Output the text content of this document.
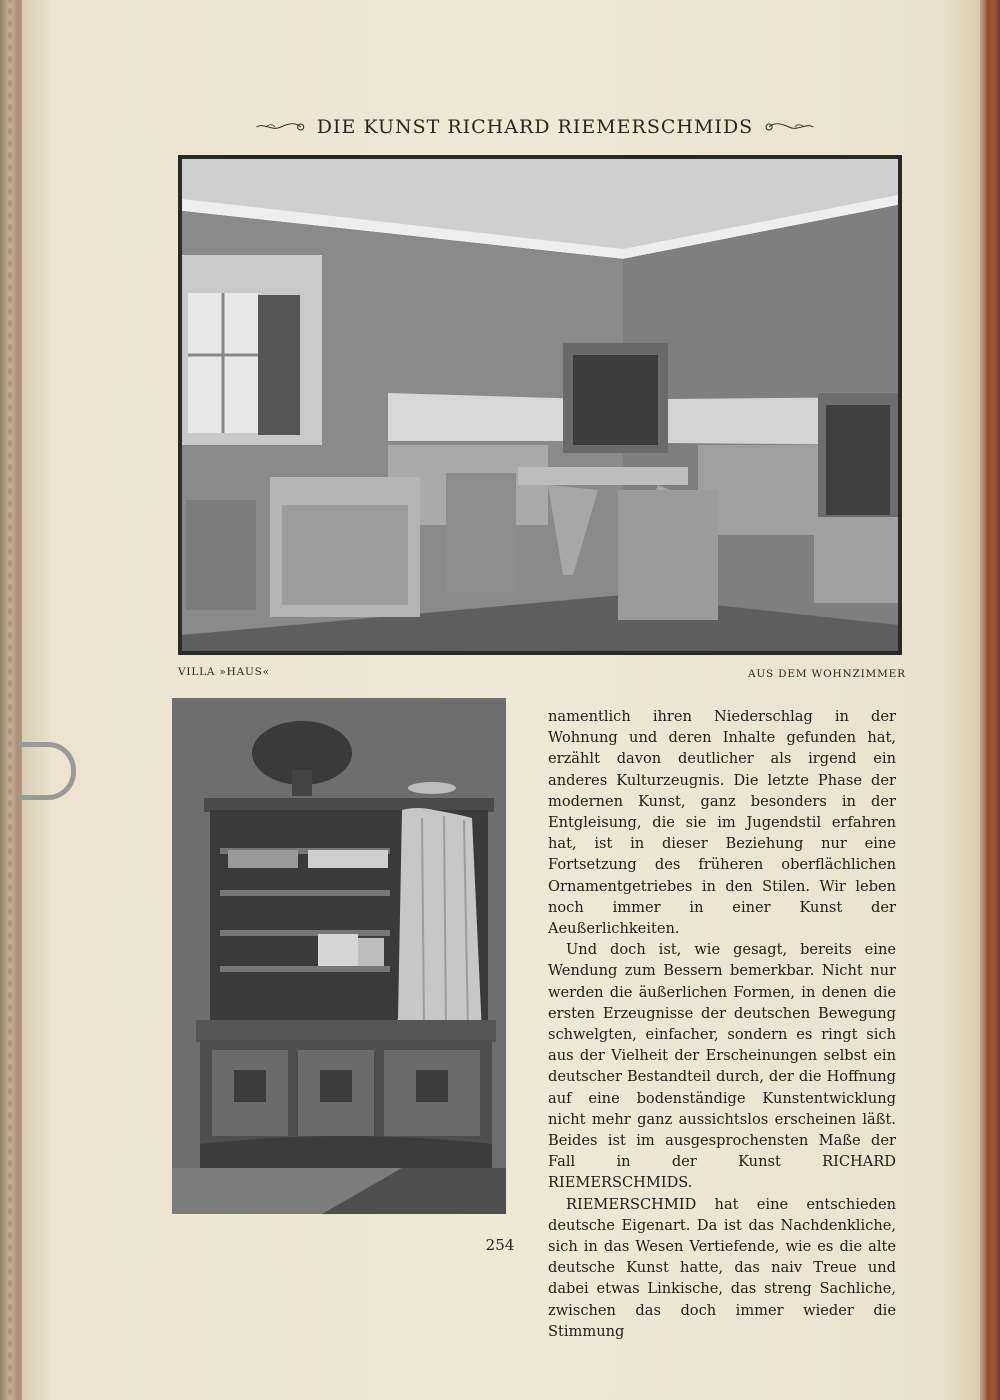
DIE KUNST RICHARD RIEMERSCHMIDS
VILLA »HAUS«	AUS DEM WOHNZIMMER

namentlich ihren Niederschlag in der Wohnung und deren Inhalte gefunden hat, erzählt davon deutlicher als irgend ein anderes Kulturzeugnis. Die letzte Phase der modernen Kunst, ganz besonders in der Entgleisung, die sie im Jugendstil erfahren hat, ist in dieser Beziehung nur eine Fortsetzung des früheren oberflächlichen Ornamentgetriebes in den Stilen. Wir leben noch immer in einer Kunst der Aeußerlichkeiten.

Und doch ist, wie gesagt, bereits eine Wendung zum Bessern bemerkbar. Nicht nur werden die äußerlichen Formen, in denen die ersten Erzeugnisse der deutschen Bewegung schwelgten, einfacher, sondern es ringt sich aus der Vielheit der Erscheinungen selbst ein deutscher Bestandteil durch, der die Hoffnung auf eine bodenständige Kunstentwicklung nicht mehr ganz aussichtslos erscheinen läßt. Beides ist im ausgesprochensten Maße der Fall in der Kunst RICHARD RIEMERSCHMIDS.

RIEMERSCHMID hat eine entschieden deutsche Eigenart. Da ist das Nachdenkliche, sich in das Wesen Vertiefende, wie es die alte deutsche Kunst hatte, das naiv Treue und dabei etwas Linkische, das streng Sachliche, zwischen das doch immer wieder die Stimmung

254
